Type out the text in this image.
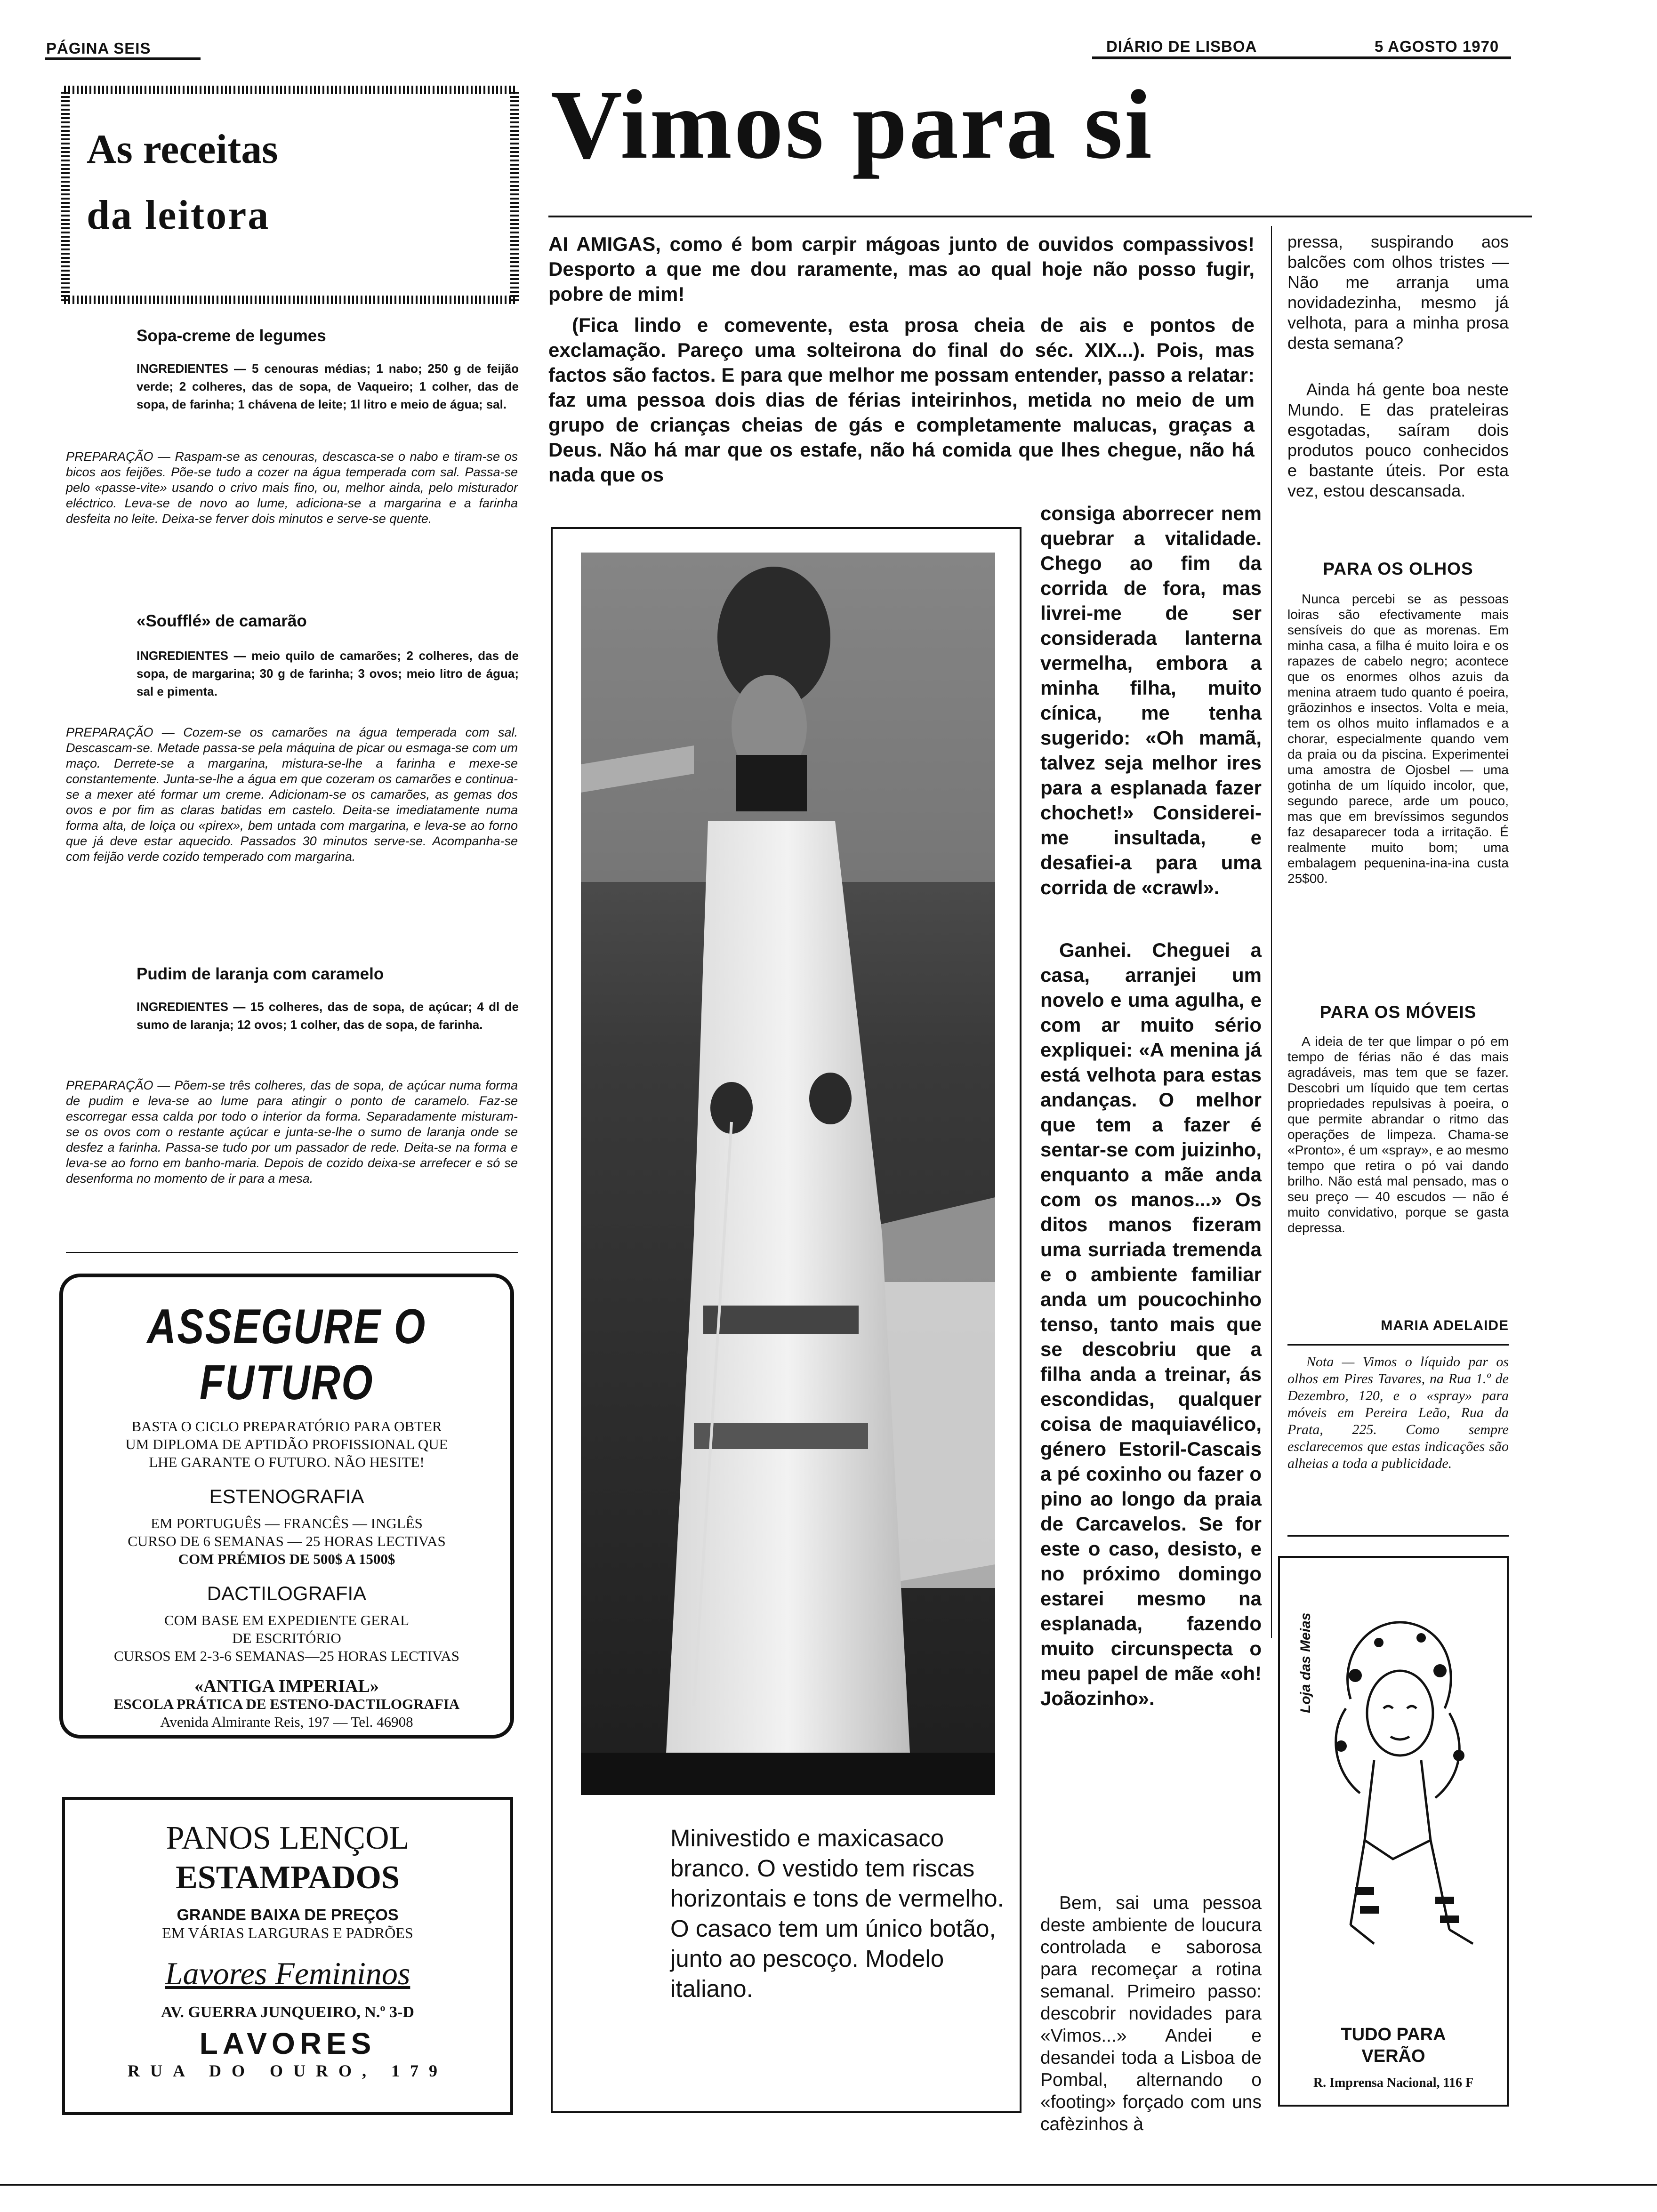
PÁGINA SEIS	DIÁRIO DE LISBOA	5 AGOSTO 1970
As receitas
da leitora
Sopa-creme de legumes
INGREDIENTES — 5 cenouras médias; 1 nabo; 250 g de feijão verde; 2 colheres, das de sopa, de Vaqueiro; 1 colher, das de sopa, de farinha; 1 chávena de leite; 1l litro e meio de água; sal.
PREPARAÇÃO — Raspam-se as cenouras, descasca-se o nabo e tiram-se os bicos aos feijões. Põe-se tudo a cozer na água temperada com sal. Passa-se pelo «passe-vite» usando o crivo mais fino, ou, melhor ainda, pelo misturador eléctrico. Leva-se de novo ao lume, adiciona-se a margarina e a farinha desfeita no leite. Deixa-se ferver dois minutos e serve-se quente.
«Soufflé» de camarão
INGREDIENTES — meio quilo de camarões; 2 colheres, das de sopa, de margarina; 30 g de farinha; 3 ovos; meio litro de água; sal e pimenta.
PREPARAÇÃO — Cozem-se os camarões na água temperada com sal. Descascam-se. Metade passa-se pela máquina de picar ou esmaga-se com um maço. Derrete-se a margarina, mistura-se-lhe a farinha e mexe-se constantemente. Junta-se-lhe a água em que cozeram os camarões e continua-se a mexer até formar um creme. Adicionam-se os camarões, as gemas dos ovos e por fim as claras batidas em castelo. Deita-se imediatamente numa forma alta, de loiça ou «pirex», bem untada com margarina, e leva-se ao forno que já deve estar aquecido. Passados 30 minutos serve-se. Acompanha-se com feijão verde cozido temperado com margarina.
Pudim de laranja com caramelo
INGREDIENTES — 15 colheres, das de sopa, de açúcar; 4 dl de sumo de laranja; 12 ovos; 1 colher, das de sopa, de farinha.
PREPARAÇÃO — Põem-se três colheres, das de sopa, de açúcar numa forma de pudim e leva-se ao lume para atingir o ponto de caramelo. Faz-se escorregar essa calda por todo o interior da forma. Separadamente misturam-se os ovos com o restante açúcar e junta-se-lhe o sumo de laranja onde se desfez a farinha. Passa-se tudo por um passador de rede. Deita-se na forma e leva-se ao forno em banho-maria. Depois de cozido deixa-se arrefecer e só se desenforma no momento de ir para a mesa.
ASSEGURE O FUTURO
BASTA O CICLO PREPARATÓRIO PARA OBTER
UM DIPLOMA DE APTIDÃO PROFISSIONAL QUE
LHE GARANTE O FUTURO. NÃO HESITE!
ESTENOGRAFIA
EM PORTUGUÊS — FRANCÊS — INGLÊS
CURSO DE 6 SEMANAS — 25 HORAS LECTIVAS
COM PRÉMIOS DE 500$ A 1500$
DACTILOGRAFIA
COM BASE EM EXPEDIENTE GERAL
DE ESCRITÓRIO
CURSOS EM 2-3-6 SEMANAS—25 HORAS LECTIVAS
«ANTIGA IMPERIAL»
ESCOLA PRÁTICA DE ESTENO-DACTILOGRAFIA
Avenida Almirante Reis, 197 — Tel. 46908
PANOS LENÇOL
ESTAMPADOS
GRANDE BAIXA DE PREÇOS
EM VÁRIAS LARGURAS E PADRÕES
Lavores Femininos
AV. GUERRA JUNQUEIRO, N.º 3-D
LAVORES
RUA DO OURO, 179
Vimos para si
AI AMIGAS, como é bom carpir mágoas junto de ouvidos compassivos! Desporto a que me dou raramente, mas ao qual hoje não posso fugir, pobre de mim!
(Fica lindo e comevente, esta prosa cheia de ais e pontos de exclamação. Pareço uma solteirona do final do séc. XIX...). Pois, mas factos são factos. E para que melhor me possam entender, passo a relatar: faz uma pessoa dois dias de férias inteirinhos, metida no meio de um grupo de crianças cheias de gás e completamente malucas, graças a Deus. Não há mar que os estafe, não há comida que lhes chegue, não há nada que os
Minivestido e maxicasaco branco. O vestido tem riscas horizontais e tons de vermelho. O casaco tem um único botão, junto ao pescoço. Modelo italiano.
consiga aborrecer nem quebrar a vitalidade. Chego ao fim da corrida de fora, mas livrei-me de ser considerada lanterna vermelha, embora a minha filha, muito cínica, me tenha sugerido: «Oh mamã, talvez seja melhor ires para a esplanada fazer chochet!» Considerei-me insultada, e desafiei-a para uma corrida de «crawl».
Ganhei. Cheguei a casa, arranjei um novelo e uma agulha, e com ar muito sério expliquei: «A menina já está velhota para estas andanças. O melhor que tem a fazer é sentar-se com juizinho, enquanto a mãe anda com os manos...» Os ditos manos fizeram uma surriada tremenda e o ambiente familiar anda um poucochinho tenso, tanto mais que se descobriu que a filha anda a treinar, ás escondidas, qualquer coisa de maquiavélico, género Estoril-Cascais a pé coxinho ou fazer o pino ao longo da praia de Carcavelos. Se for este o caso, desisto, e no próximo domingo estarei mesmo na esplanada, fazendo muito circunspecta o meu papel de mãe «oh! Joãozinho».
Bem, sai uma pessoa deste ambiente de loucura controlada e saborosa para recomeçar a rotina semanal. Primeiro passo: descobrir novidades para «Vimos...» Andei e desandei toda a Lisboa de Pombal, alternando o «footing» forçado com uns cafèzinhos à
pressa, suspirando aos balcões com olhos tristes — Não me arranja uma novidadezinha, mesmo já velhota, para a minha prosa desta semana?
Ainda há gente boa neste Mundo. E das prateleiras esgotadas, saíram dois produtos pouco conhecidos e bastante úteis. Por esta vez, estou descansada.
PARA OS OLHOS
Nunca percebi se as pessoas loiras são efectivamente mais sensíveis do que as morenas. Em minha casa, a filha é muito loira e os rapazes de cabelo negro; acontece que os enormes olhos azuis da menina atraem tudo quanto é poeira, grãozinhos e insectos. Volta e meia, tem os olhos muito inflamados e a chorar, especialmente quando vem da praia ou da piscina. Experimentei uma amostra de Ojosbel — uma gotinha de um líquido incolor, que, segundo parece, arde um pouco, mas que em brevíssimos segundos faz desaparecer toda a irritação. É realmente muito bom; uma embalagem pequenina-ina-ina custa 25$00.
PARA OS MÓVEIS
A ideia de ter que limpar o pó em tempo de férias não é das mais agradáveis, mas tem que se fazer. Descobri um líquido que tem certas propriedades repulsivas à poeira, o que permite abrandar o ritmo das operações de limpeza. Chama-se «Pronto», é um «spray», e ao mesmo tempo que retira o pó vai dando brilho. Não está mal pensado, mas o seu preço — 40 escudos — não é muito convidativo, porque se gasta depressa.
MARIA ADELAIDE
Nota — Vimos o líquido par os olhos em Pires Tavares, na Rua 1.º de Dezembro, 120, e o «spray» para móveis em Pereira Leão, Rua da Prata, 225. Como sempre esclarecemos que estas indicações são alheias a toda a publicidade.
Loja das Meias
TUDO PARA
VERÃO
R. Imprensa Nacional, 116 F
